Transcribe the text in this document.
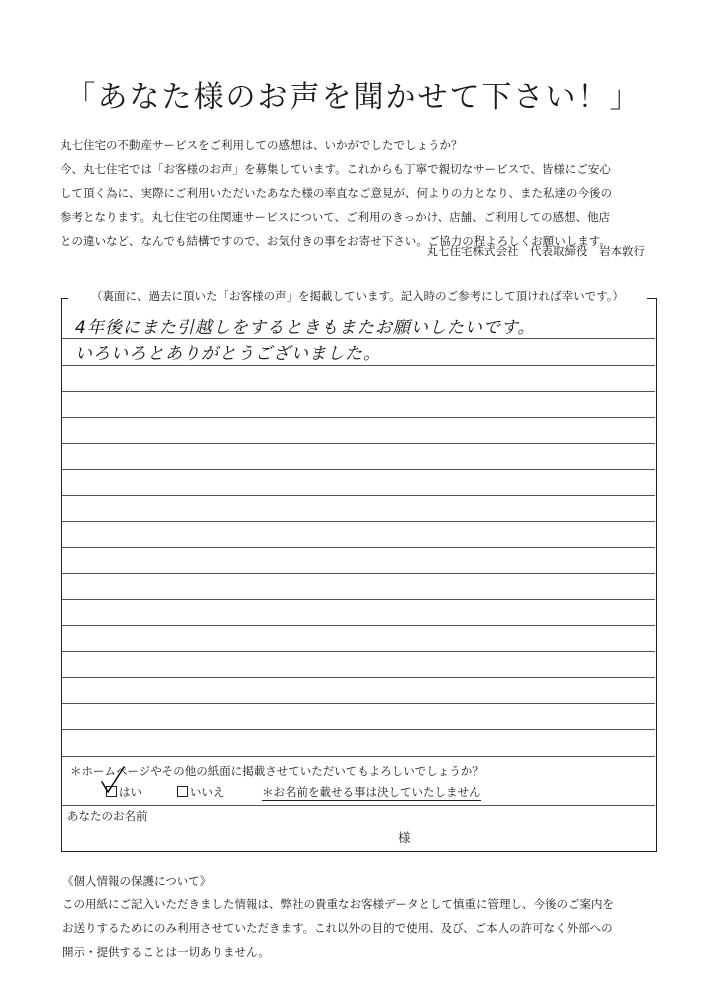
「あなた様のお声を聞かせて下さい！」
丸七住宅の不動産サービスをご利用しての感想は、いかがでしたでしょうか？
今、丸七住宅では「お客様のお声」を募集しています。これからも丁寧で親切なサービスで、皆様にご安心
して頂く為に、実際にご利用いただいたあなた様の率直なご意見が、何よりの力となり、また私達の今後の
参考となります。丸七住宅の住関連サービスについて、ご利用のきっかけ、店舗、ご利用しての感想、他店
との違いなど、なんでも結構ですので、お気付きの事をお寄せ下さい。ご協力の程よろしくお願いします。
丸七住宅株式会社　代表取締役　岩本敦行
（裏面に、過去に頂いた「お客様の声」を掲載しています。記入時のご参考にして頂ければ幸いです。）
4年後にまた引越しをするときもまたお願いしたいです。
いろいろとありがとうございました。
＊ホームページやその他の紙面に掲載させていただいてもよろしいでしょうか？
はい	いいえ	＊お名前を載せる事は決していたしません
あなたのお名前
様
《個人情報の保護について》
この用紙にご記入いただきました情報は、弊社の貴重なお客様データとして慎重に管理し、今後のご案内を
お送りするためにのみ利用させていただきます。これ以外の目的で使用、及び、ご本人の許可なく外部への
開示・提供することは一切ありません。
